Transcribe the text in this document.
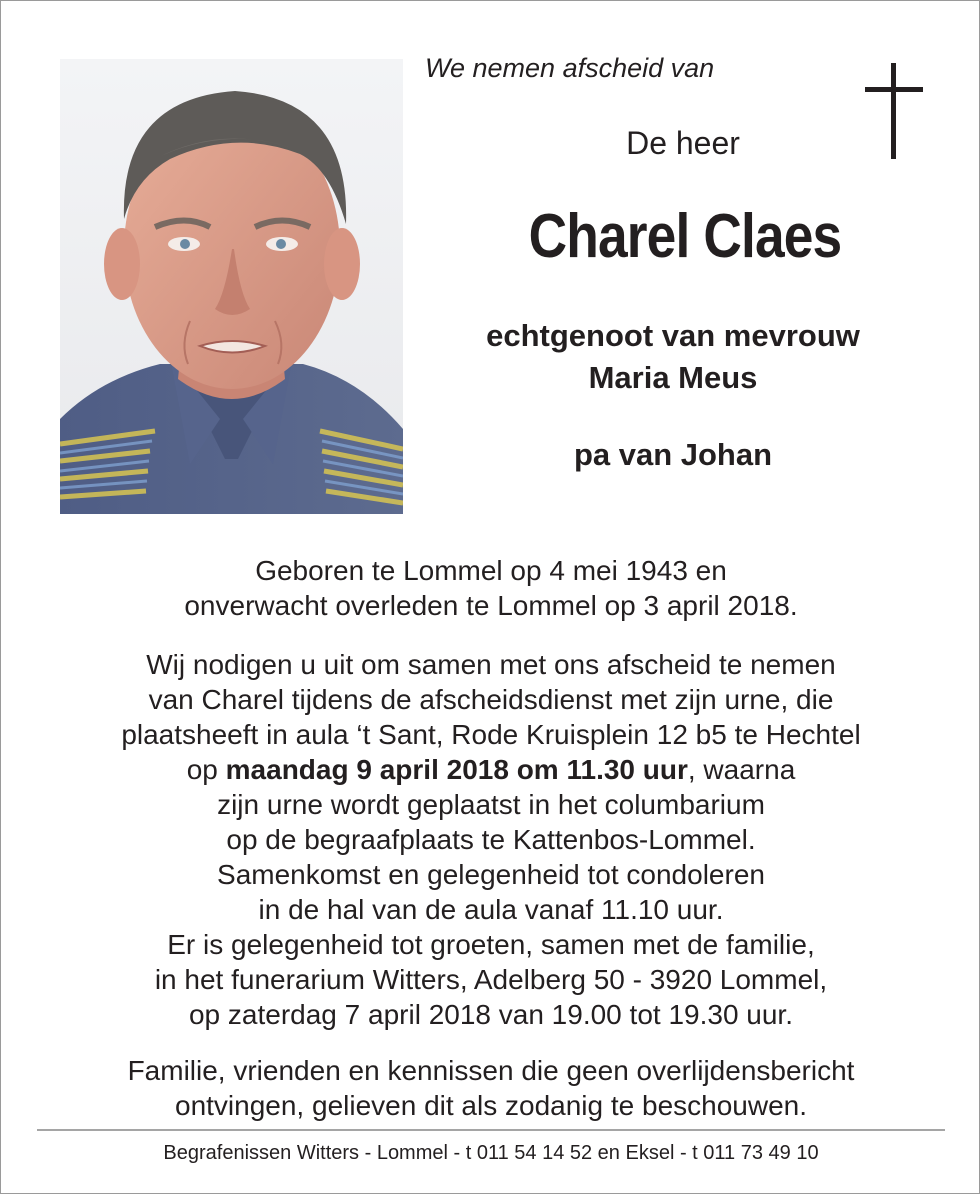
We nemen afscheid van
De heer
Charel Claes
echtgenoot van mevrouw
Maria Meus
pa van Johan
Geboren te Lommel op 4 mei 1943 en
onverwacht overleden te Lommel op 3 april 2018.
Wij nodigen u uit om samen met ons afscheid te nemen
van Charel tijdens de afscheidsdienst met zijn urne, die
plaatsheeft in aula ‘t Sant, Rode Kruisplein 12 b5 te Hechtel
op maandag 9 april 2018 om 11.30 uur, waarna
zijn urne wordt geplaatst in het columbarium
op de begraafplaats te Kattenbos-Lommel.
Samenkomst en gelegenheid tot condoleren
in de hal van de aula vanaf 11.10 uur.
Er is gelegenheid tot groeten, samen met de familie,
in het funerarium Witters, Adelberg 50 - 3920 Lommel,
op zaterdag 7 april 2018 van 19.00 tot 19.30 uur.
Familie, vrienden en kennissen die geen overlijdensbericht
ontvingen, gelieven dit als zodanig te beschouwen.
Begrafenissen Witters - Lommel - t 011 54 14 52 en Eksel - t 011 73 49 10
